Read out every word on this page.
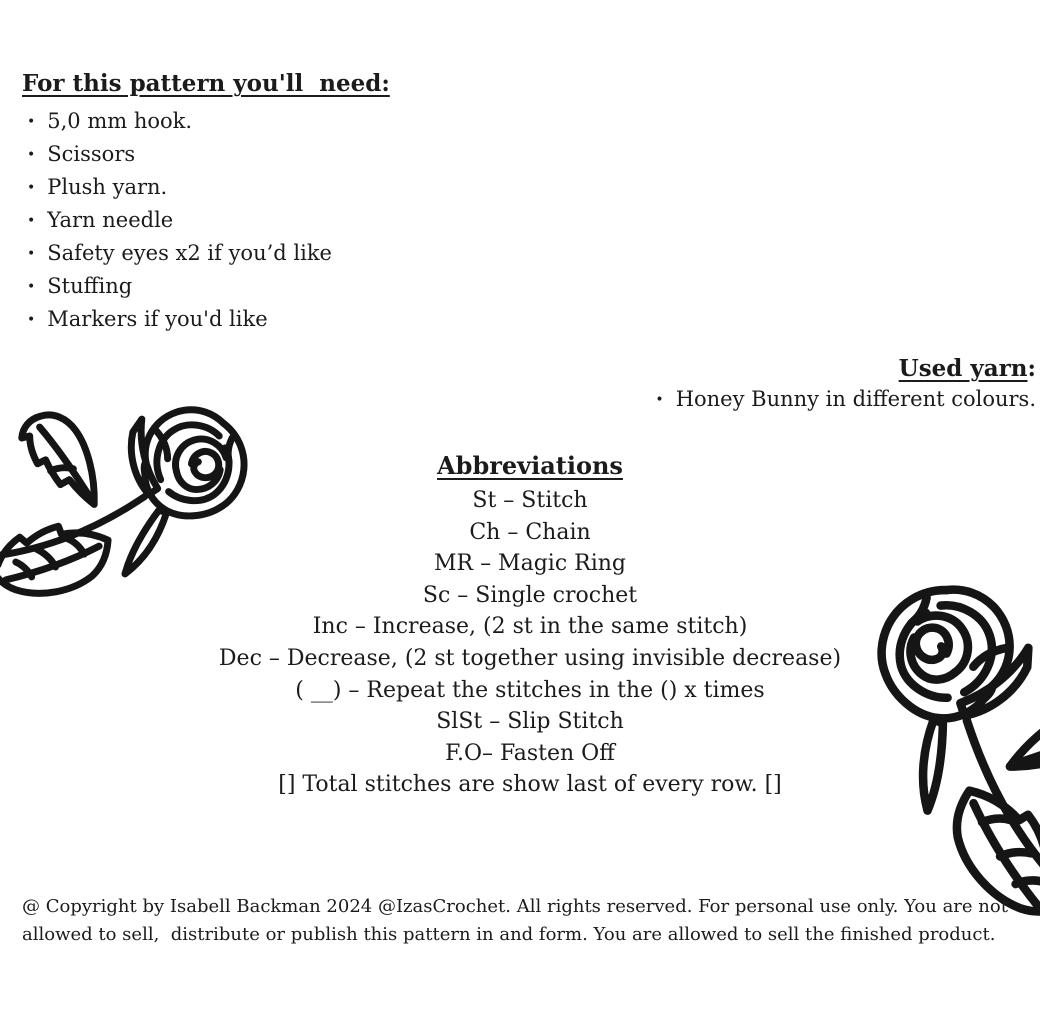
For this pattern you'll  need:
• 5,0 mm hook.
• Scissors
• Plush yarn.
• Yarn needle
• Safety eyes x2 if you’d like
• Stuffing
• Markers if you'd like
Used yarn:
• Honey Bunny in different colours.
Abbreviations
St – Stitch
Ch – Chain
MR – Magic Ring
Sc – Single crochet
Inc – Increase, (2 st in the same stitch)
Dec – Decrease, (2 st together using invisible decrease)
( __) – Repeat the stitches in the () x times
SlSt – Slip Stitch
F.O– Fasten Off
[] Total stitches are show last of every row. []
@ Copyright by Isabell Backman 2024 @IzasCrochet. All rights reserved. For personal use only. You are not
allowed to sell,  distribute or publish this pattern in and form. You are allowed to sell the finished product.
